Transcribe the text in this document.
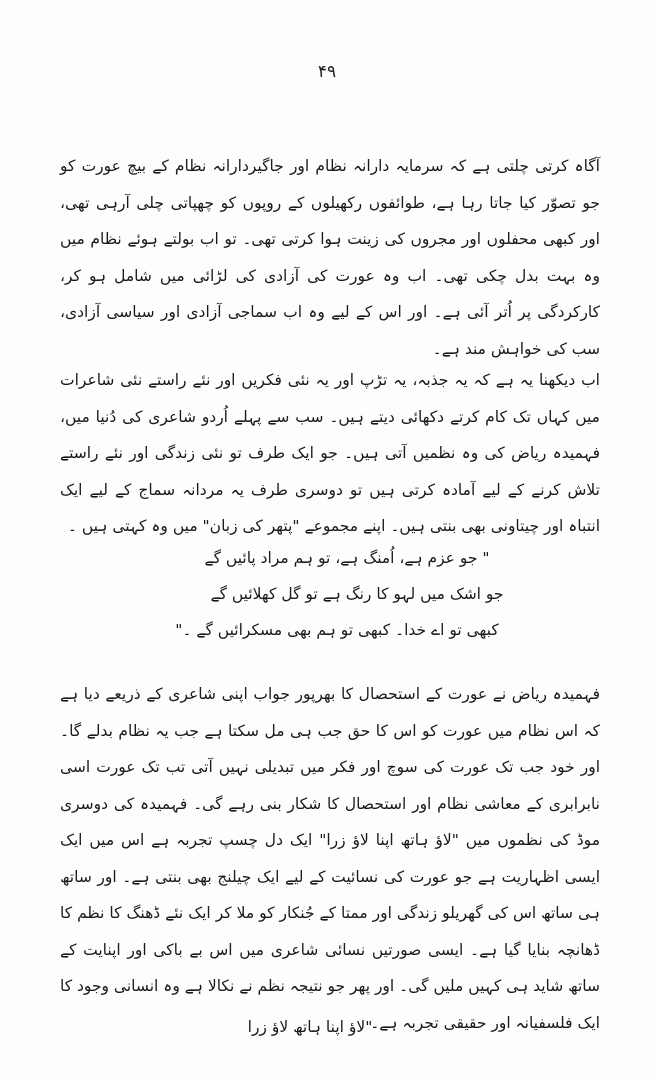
۴۹

آگاہ کرتی چلتی ہے کہ سرمایہ دارانہ نظام اور جاگیردارانہ نظام کے بیچ عورت کو جو تصوّر کیا جاتا رہا ہے، طوائفوں رکھیلوں کے روپوں کو چھپاتی چلی آرہی تھی، اور کبھی محفلوں اور مجروں کی زینت ہوا کرتی تھی۔ تو اب بولتے ہوئے نظام میں وہ بہت بدل چکی تھی۔ اب وہ عورت کی آزادی کی لڑائی میں شامل ہو کر، کارکردگی پر اُتر آئی ہے۔ اور اس کے لیے وہ اب سماجی آزادی اور سیاسی آزادی، سب کی خواہش مند ہے۔

اب دیکھنا یہ ہے کہ یہ جذبہ، یہ تڑپ اور یہ نئی فکریں اور نئے راستے نئی شاعرات میں کہاں تک کام کرتے دکھائی دیتے ہیں۔ سب سے پہلے اُردو شاعری کی دُنیا میں، فہمیدہ ریاض کی وہ نظمیں آتی ہیں۔ جو ایک طرف تو نئی زندگی اور نئے راستے تلاش کرنے کے لیے آمادہ کرتی ہیں تو دوسری طرف یہ مردانہ سماج کے لیے ایک انتباہ اور چیتاونی بھی بنتی ہیں۔ اپنے مجموعے "پتھر کی زبان" میں وہ کہتی ہیں ۔

" جو عزم ہے، اُمنگ ہے، تو ہم مراد پائیں گے
جو اشک میں لہو کا رنگ ہے تو گل کھلائیں گے
کبھی تو اے خدا۔ کبھی تو ہم بھی مسکرائیں گے ۔"

فہمیدہ ریاض نے عورت کے استحصال کا بھرپور جواب اپنی شاعری کے ذریعے دیا ہے کہ اس نظام میں عورت کو اس کا حق جب ہی مل سکتا ہے جب یہ نظام بدلے گا۔ اور خود جب تک عورت کی سوچ اور فکر میں تبدیلی نہیں آتی تب تک عورت اسی نابرابری کے معاشی نظام اور استحصال کا شکار بنی رہے گی۔ فہمیدہ کی دوسری موڈ کی نظموں میں "لاؤ ہاتھ اپنا لاؤ زرا" ایک دل چسپ تجربہ ہے اس میں ایک ایسی اظہاریت ہے جو عورت کی نسائیت کے لیے ایک چیلنج بھی بنتی ہے۔ اور ساتھ ہی ساتھ اس کی گھریلو زندگی اور ممتا کے جُنکار کو ملا کر ایک نئے ڈھنگ کا نظم کا ڈھانچہ بنایا گیا ہے۔ ایسی صورتیں نسائی شاعری میں اس بے باکی اور اپنایت کے ساتھ شاید ہی کہیں ملیں گی۔ اور پھر جو نتیجہ نظم نے نکالا ہے وہ انسانی وجود کا ایک فلسفیانہ اور حقیقی تجربہ ہے۔

"لاؤ اپنا ہاتھ لاؤ زرا
